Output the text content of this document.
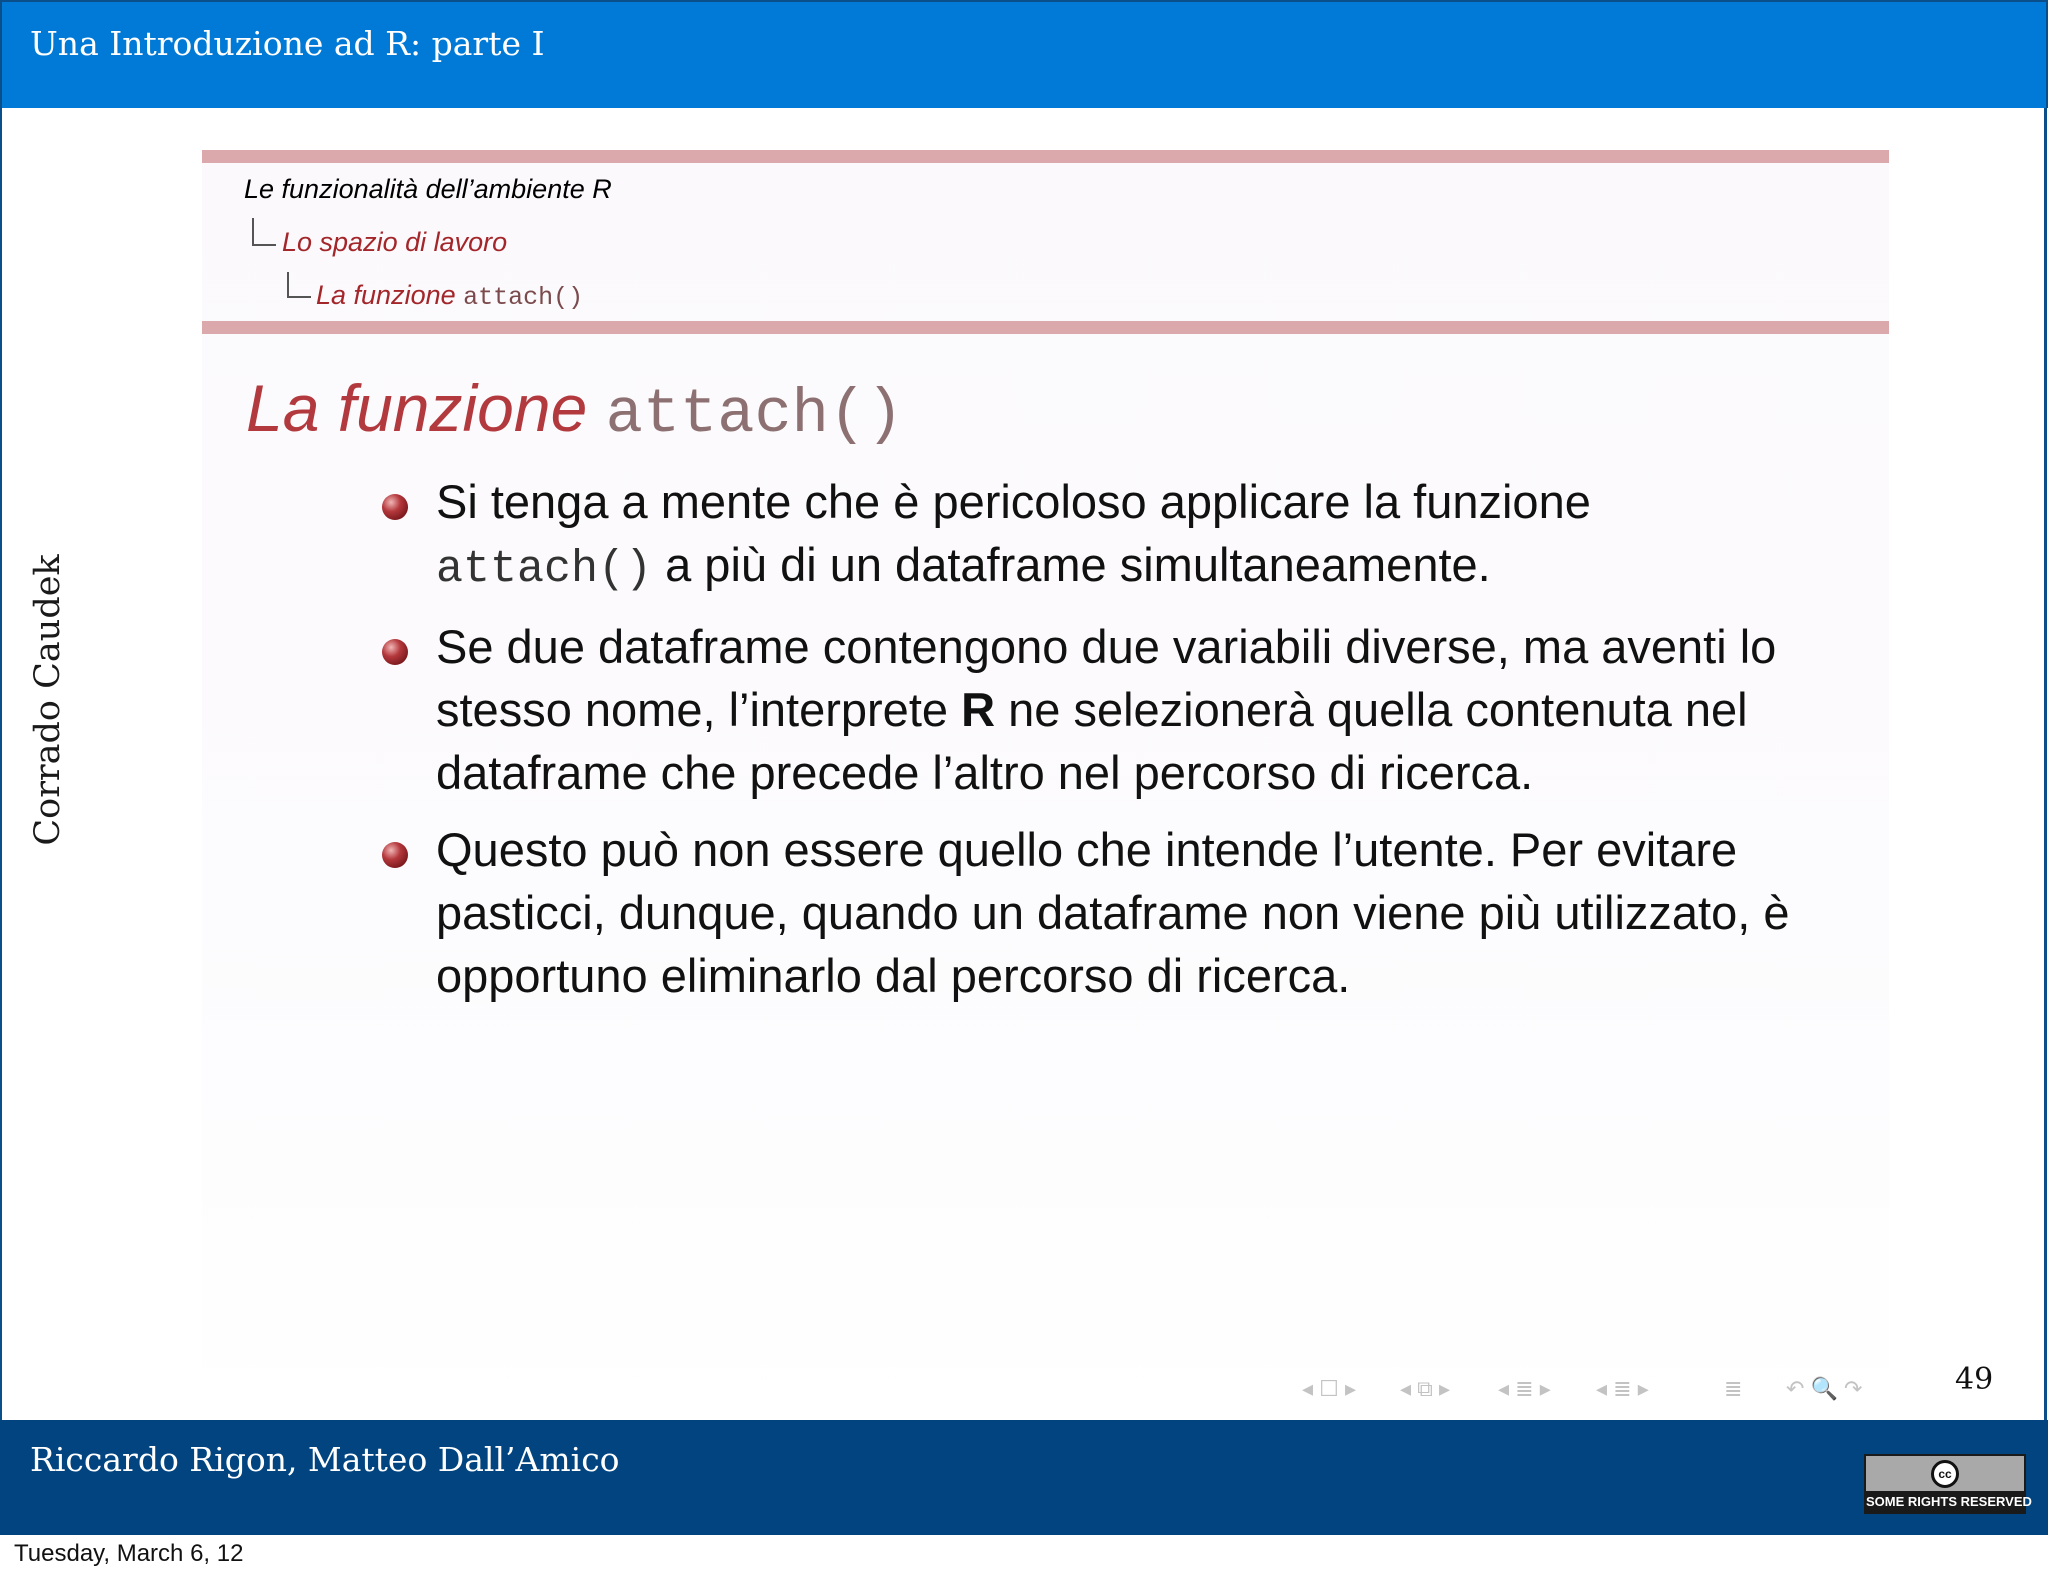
Una Introduzione ad R: parte I
Corrado Caudek
Le funzionalità dell’ambiente R
Lo spazio di lavoro
La funzione attach()
La funzione attach()
Si tenga a mente che è pericoloso applicare la funzione attach() a più di un dataframe simultaneamente.
Se due dataframe contengono due variabili diverse, ma aventi lo stesso nome, l’interprete R ne selezionerà quella contenuta nel dataframe che precede l’altro nel percorso di ricerca.
Questo può non essere quello che intende l’utente. Per evitare pasticci, dunque, quando un dataframe non viene più utilizzato, è opportuno eliminarlo dal percorso di ricerca.
◂ ☐ ▸ ◂ ⧉ ▸ ◂ ≣ ▸ ◂ ≣ ▸	≣ ↶ 🔍 ↷	49
Riccardo Rigon, Matteo Dall’Amico	cc
SOME RIGHTS RESERVED
Tuesday, March 6, 12
